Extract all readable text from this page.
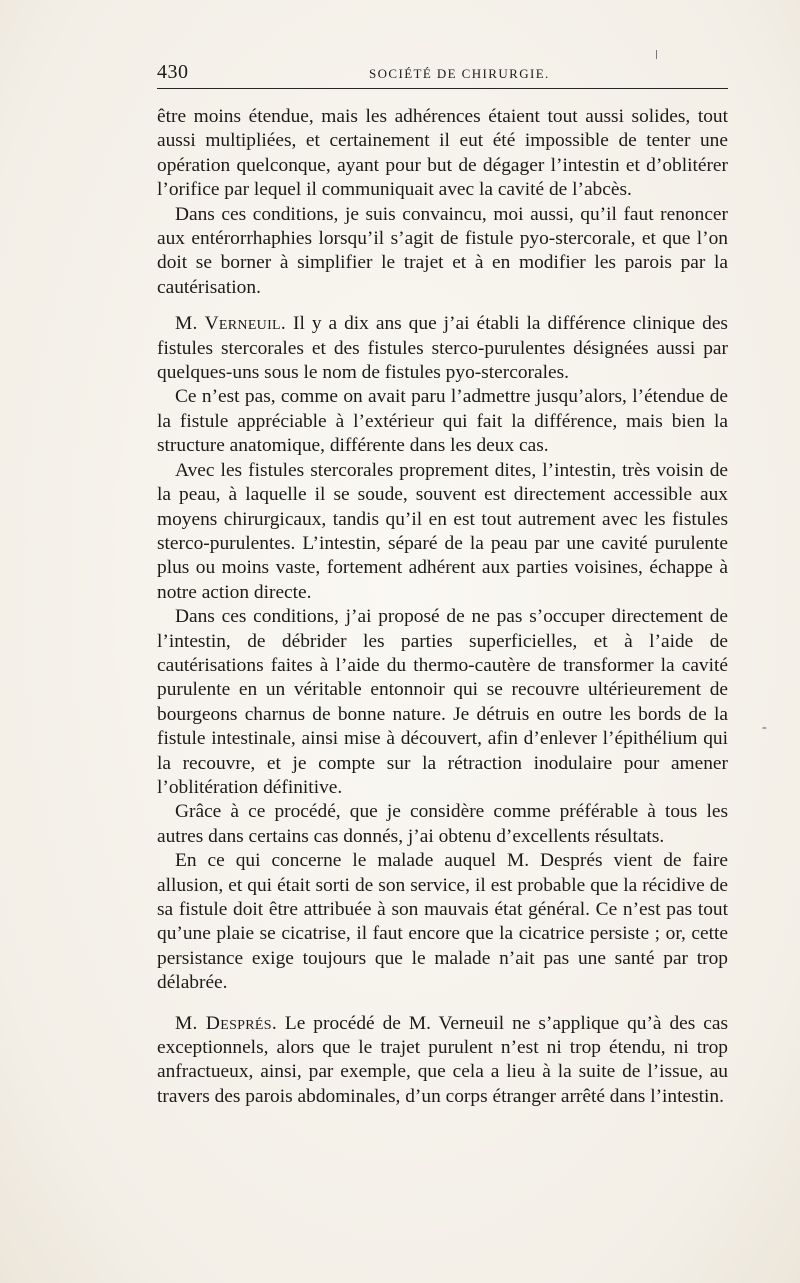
430	SOCIÉTÉ DE CHIRURGIE.

être moins étendue, mais les adhérences étaient tout aussi solides, tout aussi multipliées, et certainement il eut été impossible de tenter une opération quelconque, ayant pour but de dégager l’intestin et d’oblitérer l’orifice par lequel il communiquait avec la cavité de l’abcès.

Dans ces conditions, je suis convaincu, moi aussi, qu’il faut renoncer aux entérorrhaphies lorsqu’il s’agit de fistule pyo-stercorale, et que l’on doit se borner à simplifier le trajet et à en modifier les parois par la cautérisation.

M. Verneuil. Il y a dix ans que j’ai établi la différence clinique des fistules stercorales et des fistules sterco-purulentes désignées aussi par quelques-uns sous le nom de fistules pyo-stercorales.

Ce n’est pas, comme on avait paru l’admettre jusqu’alors, l’étendue de la fistule appréciable à l’extérieur qui fait la différence, mais bien la structure anatomique, différente dans les deux cas.

Avec les fistules stercorales proprement dites, l’intestin, très voisin de la peau, à laquelle il se soude, souvent est directement accessible aux moyens chirurgicaux, tandis qu’il en est tout autrement avec les fistules sterco-purulentes. L’intestin, séparé de la peau par une cavité purulente plus ou moins vaste, fortement adhérent aux parties voisines, échappe à notre action directe.

Dans ces conditions, j’ai proposé de ne pas s’occuper directement de l’intestin, de débrider les parties superficielles, et à l’aide de cautérisations faites à l’aide du thermo-cautère de transformer la cavité purulente en un véritable entonnoir qui se recouvre ultérieurement de bourgeons charnus de bonne nature. Je détruis en outre les bords de la fistule intestinale, ainsi mise à découvert, afin d’enlever l’épithélium qui la recouvre, et je compte sur la rétraction inodulaire pour amener l’oblitération définitive.

Grâce à ce procédé, que je considère comme préférable à tous les autres dans certains cas donnés, j’ai obtenu d’excellents résultats.

En ce qui concerne le malade auquel M. Després vient de faire allusion, et qui était sorti de son service, il est probable que la récidive de sa fistule doit être attribuée à son mauvais état général. Ce n’est pas tout qu’une plaie se cicatrise, il faut encore que la cicatrice persiste ; or, cette persistance exige toujours que le malade n’ait pas une santé par trop délabrée.

M. Després. Le procédé de M. Verneuil ne s’applique qu’à des cas exceptionnels, alors que le trajet purulent n’est ni trop étendu, ni trop anfractueux, ainsi, par exemple, que cela a lieu à la suite de l’issue, au travers des parois abdominales, d’un corps étranger arrêté dans l’intestin.

-
